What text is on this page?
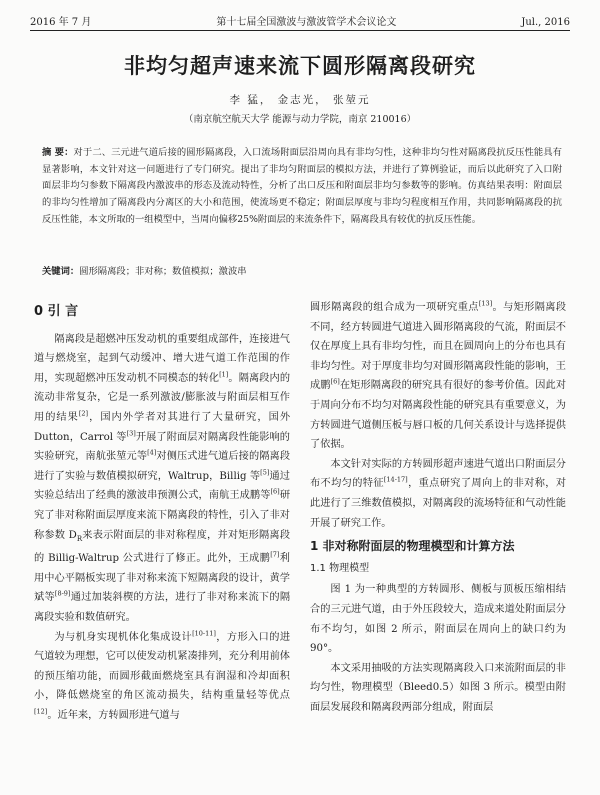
2016 年 7 月	第十七届全国激波与激波管学术会议论文	Jul., 2016
非均匀超声速来流下圆形隔离段研究
李 猛， 金志光， 张堃元
（南京航空航天大学 能源与动力学院，南京 210016）
摘 要：对于二、三元进气道后接的圆形隔离段，入口流场附面层沿周向具有非均匀性，这种非均匀性对隔离段抗反压性能具有显著影响，本文针对这一问题进行了专门研究。提出了非均匀附面层的模拟方法，并进行了算例验证，而后以此研究了入口附面层非均匀参数下隔离段内激波串的形态及流动特性，分析了出口反压和附面层非均匀参数等的影响。仿真结果表明：附面层的非均匀性增加了隔离段内分离区的大小和范围，使流场更不稳定；附面层厚度与非均匀程度相互作用，共同影响隔离段的抗反压性能，本文所取的一组模型中，当周向偏移25%附面层的来流条件下，隔离段具有较优的抗反压性能。
关键词：圆形隔离段；非对称；数值模拟；激波串
0 引 言

隔离段是超燃冲压发动机的重要组成部件，连接进气道与燃烧室，起到气动缓冲、增大进气道工作范围的作用，实现超燃冲压发动机不同模态的转化[1]。隔离段内的流动非常复杂，它是一系列激波/膨胀波与附面层相互作用的结果[2]，国内外学者对其进行了大量研究，国外 Dutton，Carrol 等[3]开展了附面层对隔离段性能影响的实验研究，南航张堃元等[4]对侧压式进气道后接的隔离段进行了实验与数值模拟研究，Waltrup，Billig 等[5]通过实验总结出了经典的激波串预测公式，南航王成鹏等[6]研究了非对称附面层厚度来流下隔离段的特性，引入了非对称参数 $D_R$来表示附面层的非对称程度，并对矩形隔离段的 Billig-Waltrup 公式进行了修正。此外，王成鹏[7]利用中心平隔板实现了非对称来流下短隔离段的设计，黄学斌等[8-9]通过加装斜楔的方法，进行了非对称来流下的隔离段实验和数值研究。

为与机身实现机体化集成设计[10-11]，方形入口的进气道较为理想，它可以使发动机紧凑排列，充分利用前体的预压缩功能，而圆形截面燃烧室具有润湿和冷却面积小，降低燃烧室的角区流动损失，结构重量轻等优点[12]。近年来，方转圆形进气道与

圆形隔离段的组合成为一项研究重点[13]。与矩形隔离段不同，经方转圆进气道进入圆形隔离段的气流，附面层不仅在厚度上具有非均匀性，而且在圆周向上的分布也具有非均匀性。对于厚度非均匀对圆形隔离段性能的影响，王成鹏[6]在矩形隔离段的研究具有很好的参考价值。因此对于周向分布不均匀对隔离段性能的研究具有重要意义，为方转圆进气道侧压板与唇口板的几何关系设计与选择提供了依据。

本文针对实际的方转圆形超声速进气道出口附面层分布不均匀的特征[14-17]，重点研究了周向上的非对称，对此进行了三维数值模拟，对隔离段的流场特征和气动性能开展了研究工作。

1 非对称附面层的物理模型和计算方法
1.1 物理模型

图 1 为一种典型的方转圆形、侧板与顶板压缩相结合的三元进气道，由于外压段较大，造成来道处附面层分布不均匀，如图 2 所示，附面层在周向上的缺口约为 90°。

本文采用抽吸的方法实现隔离段入口来流附面层的非均匀性，物理模型（Bleed0.5）如图 3 所示。模型由附面层发展段和隔离段两部分组成，附面层
